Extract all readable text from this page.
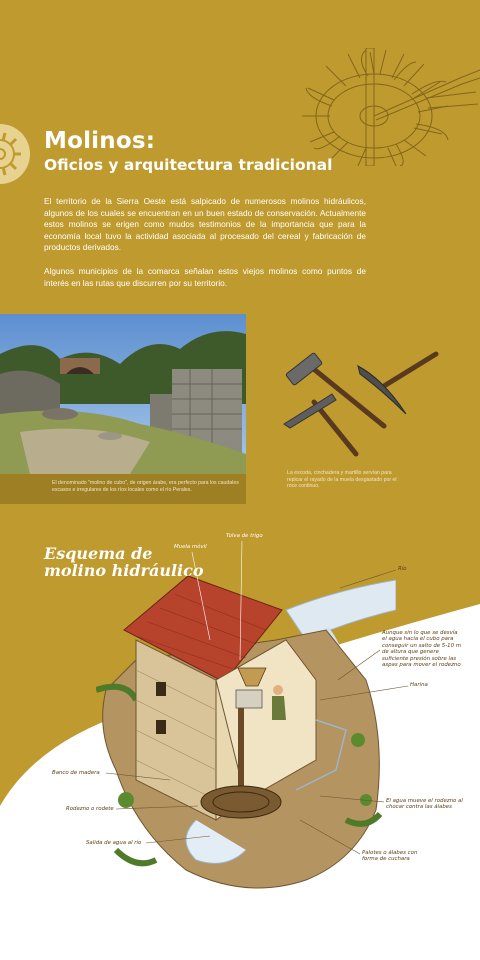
Molinos:
Oficios y arquitectura tradicional

El territorio de la Sierra Oeste está salpicado de numerosos molinos hidráulicos, algunos de los cuales se encuentran en un buen estado de conservación. Actualmente estos molinos se erigen como mudos testimonios de la importancia que para la economía local tuvo la actividad asociada al procesado del cereal y fabricación de productos derivados.

Algunos municipios de la comarca señalan estos viejos molinos como puntos de interés en las rutas que discurren por su territorio.

El denominado "molino de cubo", de origen árabe, era perfecto para los caudales escasos e irregulares de los ríos locales como el río Perales.

La escoda, cinchadera y martillo servían para repicar el rayado de la muela desgastado por el roce continuo.

Esquema de
molino hidráulico
Muela móvil
Tolva de trigo
Río
Aunque sin lo que se desvía el agua hacia el cubo para conseguir un salto de 5-10 m de altura que genere suficiente presión sobre las aspas para mover el rodezno
Harina
Banco de madera
Rodezno o rodete
Salida de agua al río
El agua mueve el rodezno al chocar contra las álabes
Palotes o álabes con forma de cuchara
